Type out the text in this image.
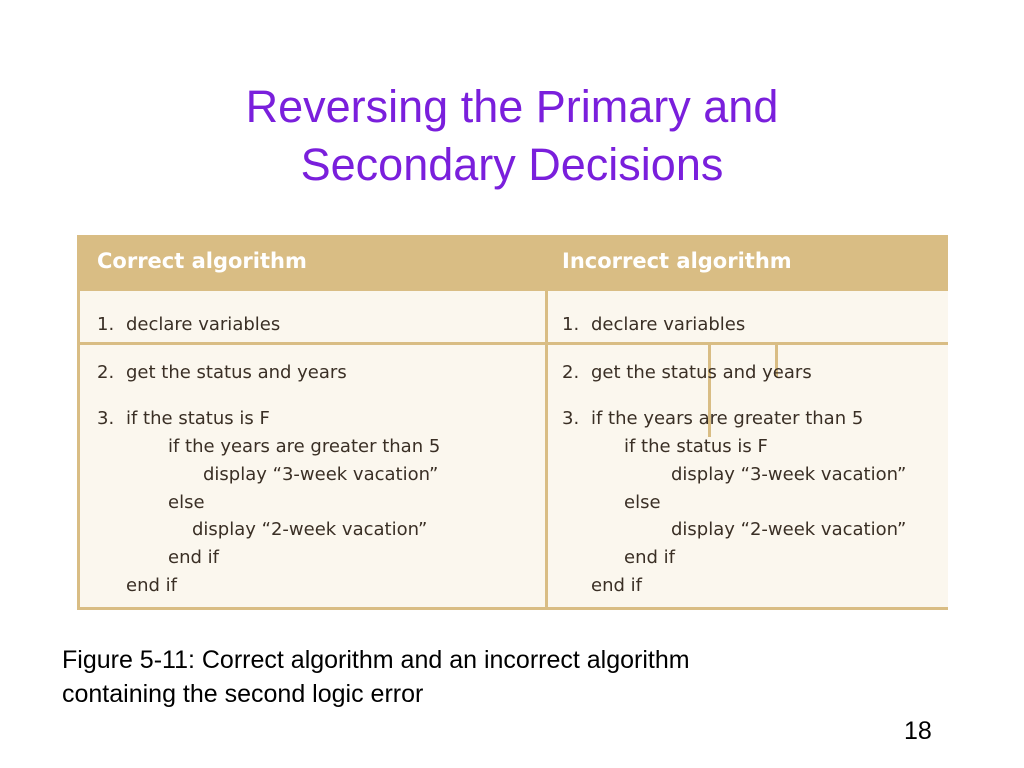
Reversing the Primary and
Secondary Decisions
Correct algorithm	Incorrect algorithm
1. declare variables
2. get the status and years
3. if the status is F
if the years are greater than 5
display “3-week vacation”
else
display “2-week vacation”
end if
end if
1. declare variables
2. get the status and years
3. if the years are greater than 5
if the status is F
display “3-week vacation”
else
display “2-week vacation”
end if
end if
Figure 5-11: Correct algorithm and an incorrect algorithm
containing the second logic error
18
